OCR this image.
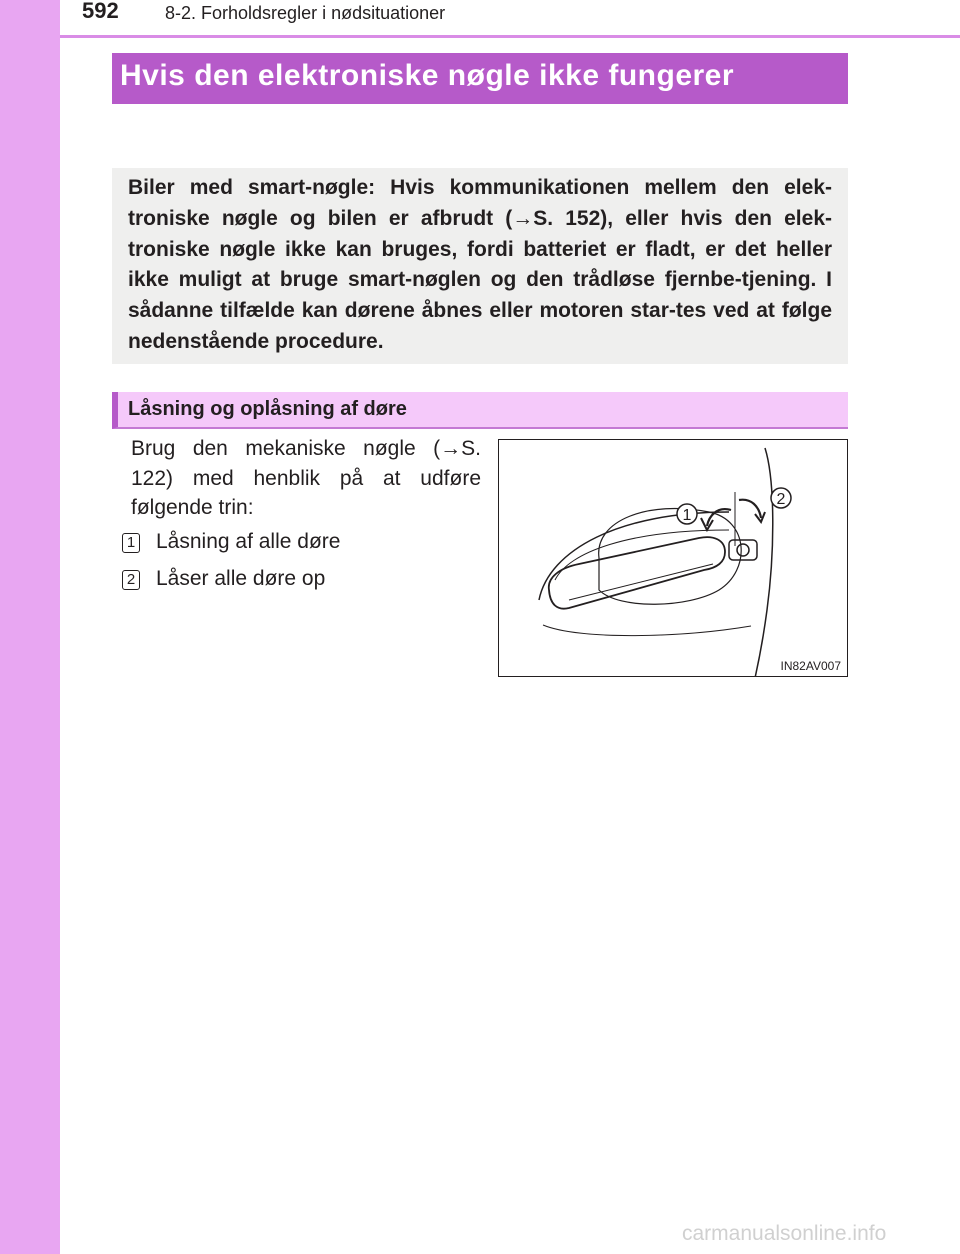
592	8-2. Forholdsregler i nødsituationer
Hvis den elektroniske nøgle ikke fungerer
Biler med smart-nøgle: Hvis kommunikationen mellem den elek-troniske nøgle og bilen er afbrudt (→S. 152), eller hvis den elek-troniske nøgle ikke kan bruges, fordi batteriet er fladt, er det heller ikke muligt at bruge smart-nøglen og den trådløse fjernbe-tjening. I sådanne tilfælde kan dørene åbnes eller motoren star-tes ved at følge nedenstående procedure.
Låsning og oplåsning af døre
Brug den mekaniske nøgle (→S. 122) med henblik på at udføre følgende trin:
1 Låsning af alle døre
2 Låser alle døre op
1
2
IN82AV007
carmanualsonline.info
